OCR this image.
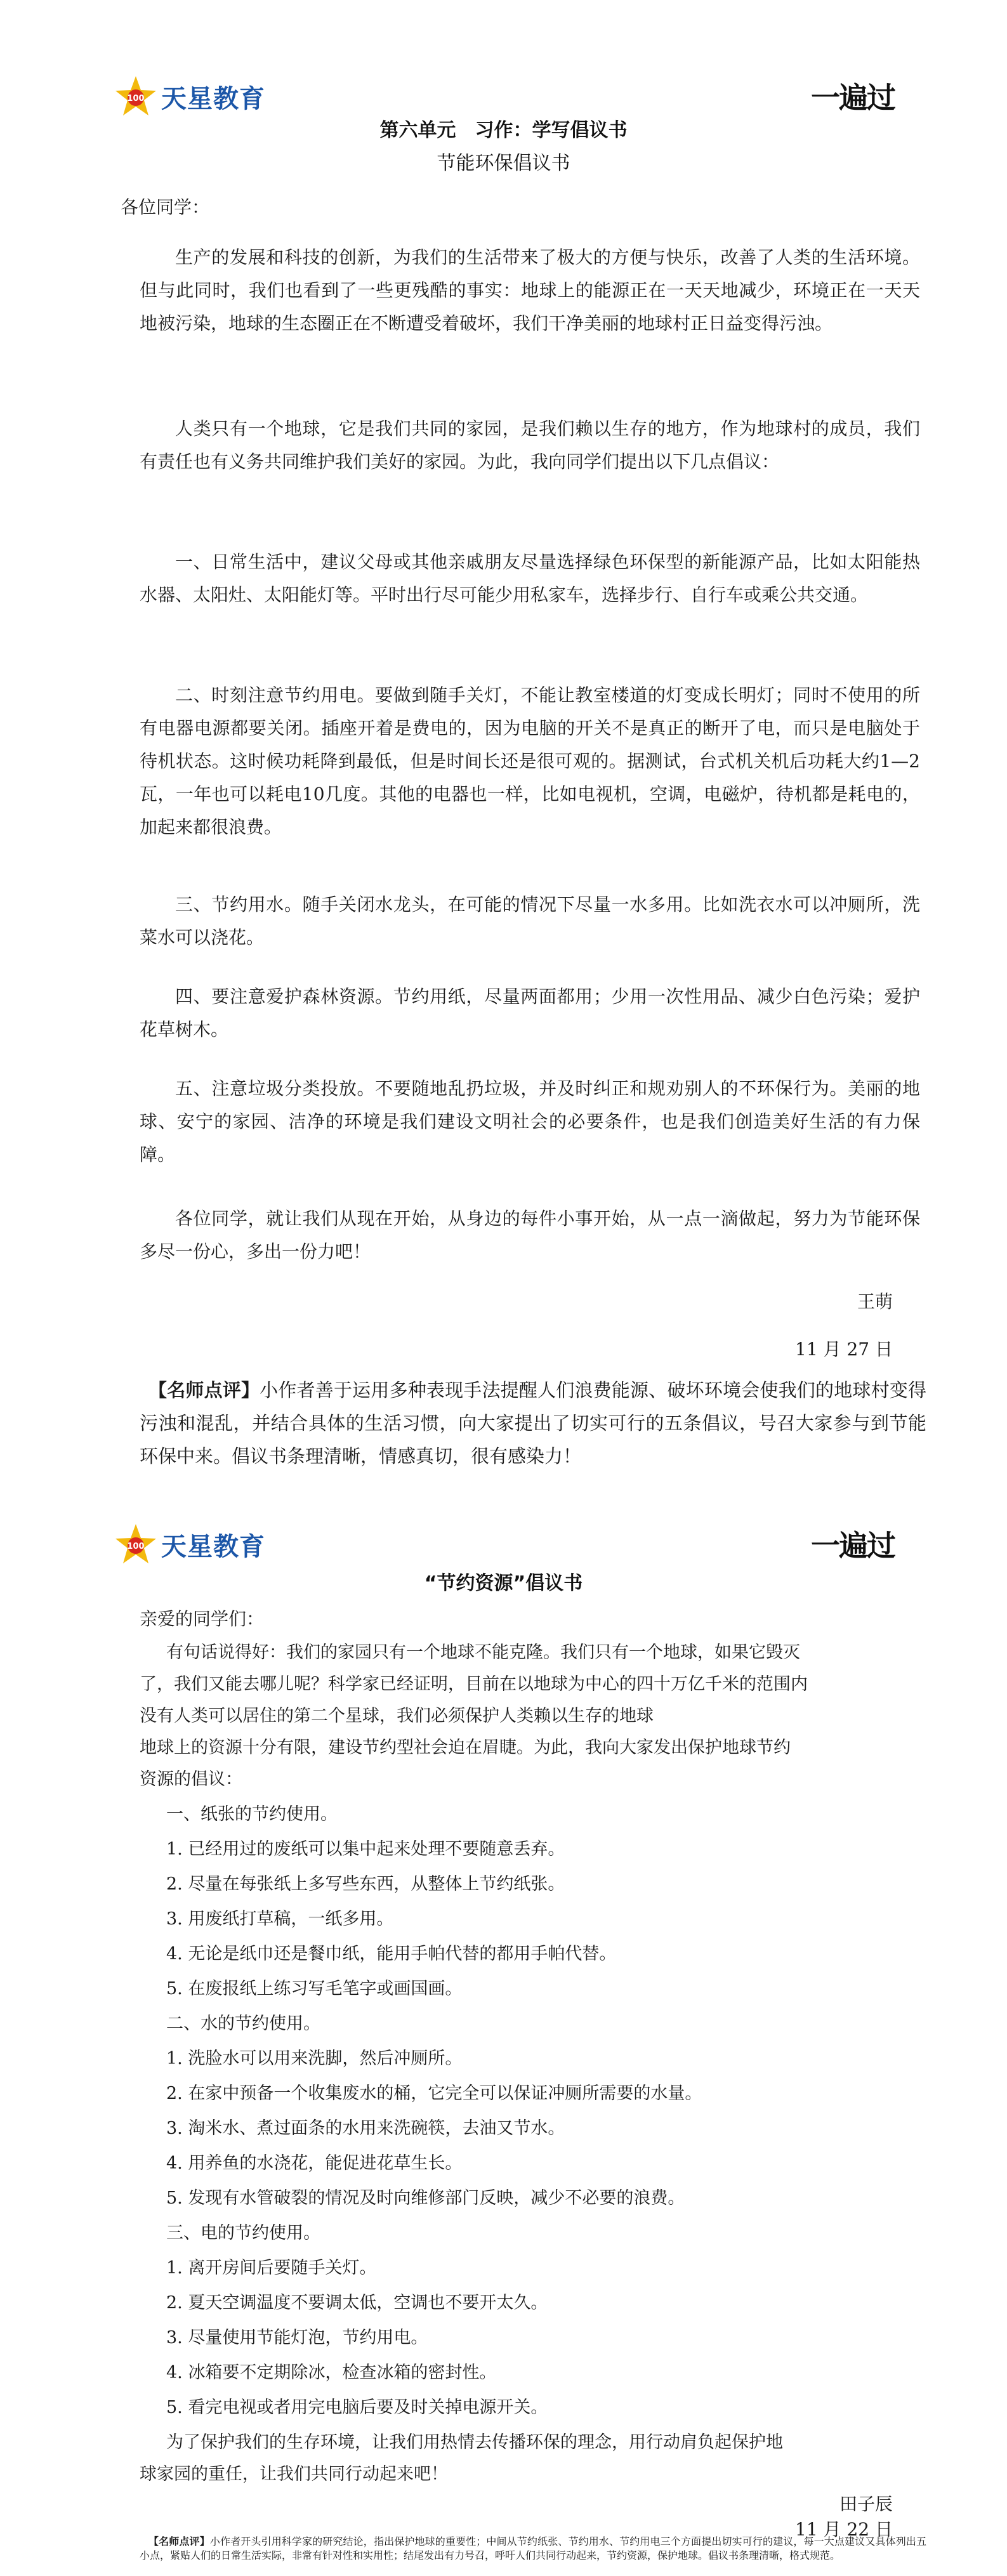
100 天星教育	一遍过
第六单元　习作：学写倡议书
节能环保倡议书
各位同学：
生产的发展和科技的创新，为我们的生活带来了极大的方便与快乐，改善了人类的生活环境。但与此同时，我们也看到了一些更残酷的事实：地球上的能源正在一天天地减少，环境正在一天天地被污染，地球的生态圈正在不断遭受着破坏，我们干净美丽的地球村正日益变得污浊。
人类只有一个地球，它是我们共同的家园，是我们赖以生存的地方，作为地球村的成员，我们有责任也有义务共同维护我们美好的家园。为此，我向同学们提出以下几点倡议：
一、日常生活中，建议父母或其他亲戚朋友尽量选择绿色环保型的新能源产品，比如太阳能热水器、太阳灶、太阳能灯等。平时出行尽可能少用私家车，选择步行、自行车或乘公共交通。
二、时刻注意节约用电。要做到随手关灯，不能让教室楼道的灯变成长明灯；同时不使用的所有电器电源都要关闭。插座开着是费电的，因为电脑的开关不是真正的断开了电，而只是电脑处于待机状态。这时候功耗降到最低，但是时间长还是很可观的。据测试，台式机关机后功耗大约1—2瓦，一年也可以耗电10几度。其他的电器也一样，比如电视机，空调，电磁炉，待机都是耗电的，加起来都很浪费。
三、节约用水。随手关闭水龙头，在可能的情况下尽量一水多用。比如洗衣水可以冲厕所，洗菜水可以浇花。
四、要注意爱护森林资源。节约用纸，尽量两面都用；少用一次性用品、减少白色污染；爱护花草树木。
五、注意垃圾分类投放。不要随地乱扔垃圾，并及时纠正和规劝别人的不环保行为。美丽的地球、安宁的家园、洁净的环境是我们建设文明社会的必要条件，也是我们创造美好生活的有力保障。
各位同学，就让我们从现在开始，从身边的每件小事开始，从一点一滴做起，努力为节能环保多尽一份心，多出一份力吧！
王萌
11 月 27 日
【名师点评】小作者善于运用多种表现手法提醒人们浪费能源、破坏环境会使我们的地球村变得污浊和混乱，并结合具体的生活习惯，向大家提出了切实可行的五条倡议，号召大家参与到节能环保中来。倡议书条理清晰，情感真切，很有感染力！
100 天星教育	一遍过
“节约资源”倡议书
亲爱的同学们：
有句话说得好：我们的家园只有一个地球不能克隆。我们只有一个地球，如果它毁灭
了，我们又能去哪儿呢？科学家已经证明，目前在以地球为中心的四十万亿千米的范围内
没有人类可以居住的第二个星球，我们必须保护人类赖以生存的地球
地球上的资源十分有限，建设节约型社会迫在眉睫。为此，我向大家发出保护地球节约
资源的倡议：
一、纸张的节约使用。
1. 已经用过的废纸可以集中起来处理不要随意丢弃。
2. 尽量在每张纸上多写些东西，从整体上节约纸张。
3. 用废纸打草稿，一纸多用。
4. 无论是纸巾还是餐巾纸，能用手帕代替的都用手帕代替。
5. 在废报纸上练习写毛笔字或画国画。
二、水的节约使用。
1. 洗脸水可以用来洗脚，然后冲厕所。
2. 在家中预备一个收集废水的桶，它完全可以保证冲厕所需要的水量。
3. 淘米水、煮过面条的水用来洗碗筷，去油又节水。
4. 用养鱼的水浇花，能促进花草生长。
5. 发现有水管破裂的情况及时向维修部门反映，减少不必要的浪费。
三、电的节约使用。
1. 离开房间后要随手关灯。
2. 夏天空调温度不要调太低，空调也不要开太久。
3. 尽量使用节能灯泡，节约用电。
4. 冰箱要不定期除冰，检查冰箱的密封性。
5. 看完电视或者用完电脑后要及时关掉电源开关。
为了保护我们的生存环境，让我们用热情去传播环保的理念，用行动肩负起保护地
球家园的重任，让我们共同行动起来吧！
田子辰
11 月 22 日
【名师点评】小作者开头引用科学家的研究结论，指出保护地球的重要性；中间从节约纸张、节约用水、节约用电三个方面提出切实可行的建议，每一大点建议又具体列出五小点，紧贴人们的日常生活实际，非常有针对性和实用性；结尾发出有力号召，呼吁人们共同行动起来，节约资源，保护地球。倡议书条理清晰，格式规范。
